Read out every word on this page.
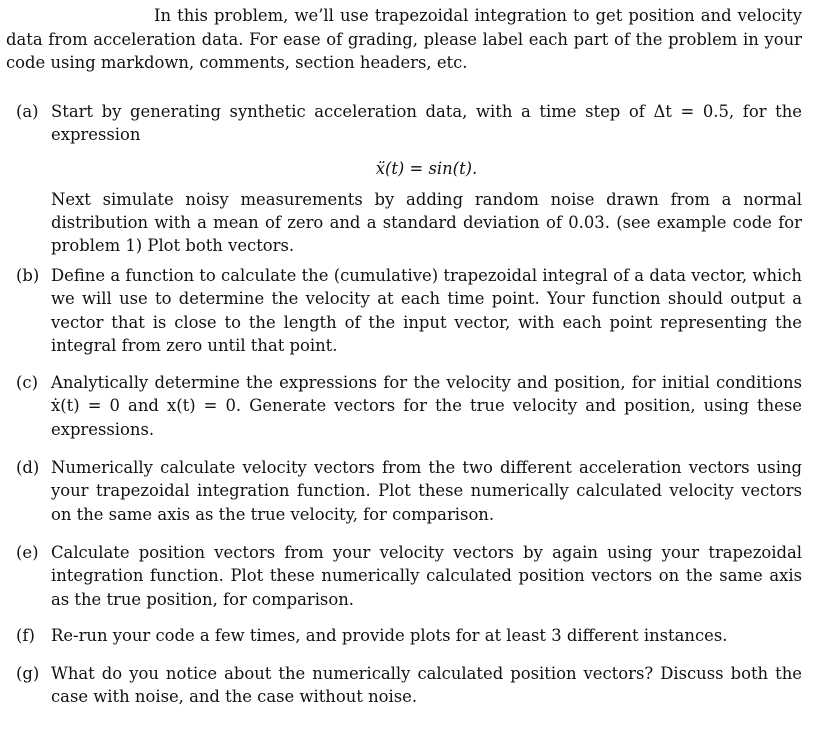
In this problem, we’ll use trapezoidal integration to get position and velocity data from acceleration data. For ease of grading, please label each part of the problem in your code using markdown, comments, section headers, etc.

(a) Start by generating synthetic acceleration data, with a time step of Δt = 0.5, for the expression

ẍ(t) = sin(t).

Next simulate noisy measurements by adding random noise drawn from a normal distribution with a mean of zero and a standard deviation of 0.03. (see example code for problem 1) Plot both vectors.

(b) Define a function to calculate the (cumulative) trapezoidal integral of a data vector, which we will use to determine the velocity at each time point. Your function should output a vector that is close to the length of the input vector, with each point representing the integral from zero until that point.

(c) Analytically determine the expressions for the velocity and position, for initial conditions ẋ(t) = 0 and x(t) = 0. Generate vectors for the true velocity and position, using these expressions.

(d) Numerically calculate velocity vectors from the two different acceleration vectors using your trapezoidal integration function. Plot these numerically calculated velocity vectors on the same axis as the true velocity, for comparison.

(e) Calculate position vectors from your velocity vectors by again using your trapezoidal integration function. Plot these numerically calculated position vectors on the same axis as the true position, for comparison.

(f) Re-run your code a few times, and provide plots for at least 3 different instances.

(g) What do you notice about the numerically calculated position vectors? Discuss both the case with noise, and the case without noise.
